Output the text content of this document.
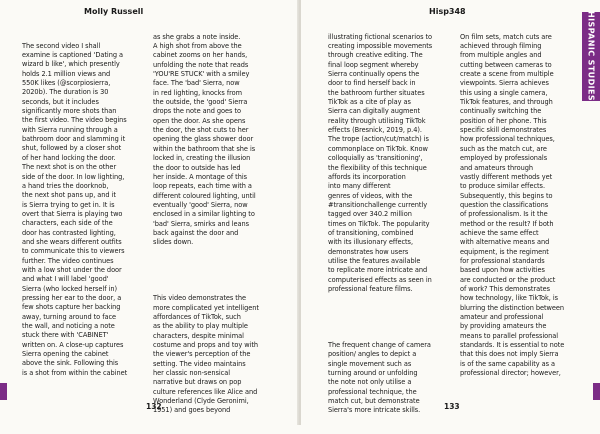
Molly Russell

The second video I shall

examine is captioned 'Dating a

wizard b like', which presently

holds 2.1 million views and

550K likes (@scorpiosierra,

2020b). The duration is 30

seconds, but it includes

significantly more shots than

the first video. The video begins

with Sierra running through a

bathroom door and slamming it

shut, followed by a closer shot

of her hand locking the door.

The next shot is on the other

side of the door. In low lighting,

a hand tries the doorknob,

the next shot pans up, and it

is Sierra trying to get in. It is

overt that Sierra is playing two

characters, each side of the

door has contrasted lighting,

and she wears different outfits

to communicate this to viewers

further. The video continues

with a low shot under the door

and what I will label 'good'

Sierra (who locked herself in)

pressing her ear to the door, a

few shots capture her backing

away, turning around to face

the wall, and noticing a note

stuck there with 'CABINET'

written on. A close-up captures

Sierra opening the cabinet

above the sink. Following this

is a shot from within the cabinet

as she grabs a note inside.

A high shot from above the

cabinet zooms on her hands,

unfolding the note that reads

'YOU'RE STUCK' with a smiley

face. The 'bad' Sierra, now

in red lighting, knocks from

the outside, the 'good' Sierra

drops the note and goes to

open the door. As she opens

the door, the shot cuts to her

opening the glass shower door

within the bathroom that she is

locked in, creating the illusion

the door to outside has led

her inside. A montage of this

loop repeats, each time with a

different coloured lighting, until

eventually 'good' Sierra, now

enclosed in a similar lighting to

'bad' Sierra, smirks and leans

back against the door and

slides down.

This video demonstrates the

more complicated yet intelligent

affordances of TikTok, such

as the ability to play multiple

characters, despite minimal

costume and props and toy with

the viewer's perception of the

setting. The video maintains

her classic non-sensical

narrative but draws on pop

culture references like Alice and

Wonderland (Clyde Geronimi,

1951) and goes beyond

132
Hisp348

illustrating fictional scenarios to

creating impossible movements

through creative editing. The

final loop segment whereby

Sierra continually opens the

door to find herself back in

the bathroom further situates

TikTok as a cite of play as

Sierra can digitally augment

reality through utilising TikTok

effects (Bresnick, 2019, p.4).

The trope (action/cut/match) is

commonplace on TikTok. Know

colloquially as 'transitioning',

the flexibility of this technique

affords its incorporation

into many different

genres of videos, with the

#transitionchallenge currently

tagged over 340.2 million

times on TikTok. The popularity

of transitioning, combined

with its illusionary effects,

demonstrates how users

utilise the features available

to replicate more intricate and

computerised effects as seen in

professional feature films.

The frequent change of camera

position/ angles to depict a

single movement such as

turning around or unfolding

the note not only utilise a

professional technique, the

match cut, but demonstrate

Sierra's more intricate skills.

On film sets, match cuts are

achieved through filming

from multiple angles and

cutting between cameras to

create a scene from multiple

viewpoints. Sierra achieves

this using a single camera,

TikTok features, and through

continually switching the

position of her phone. This

specific skill demonstrates

how professional techniques,

such as the match cut, are

employed by professionals

and amateurs through

vastly different methods yet

to produce similar effects.

Subsequently, this begins to

question the classifications

of professionalism. Is it the

method or the result? If both

achieve the same effect

with alternative means and

equipment, is the regiment

for professional standards

based upon how activities

are conducted or the product

of work? This demonstrates

how technology, like TikTok, is

blurring the distinction between

amateur and professional

by providing amateurs the

means to parallel professional

standards. It is essential to note

that this does not imply Sierra

is of the same capability as a

professional director; however,

133
HISPANIC STUDIES
